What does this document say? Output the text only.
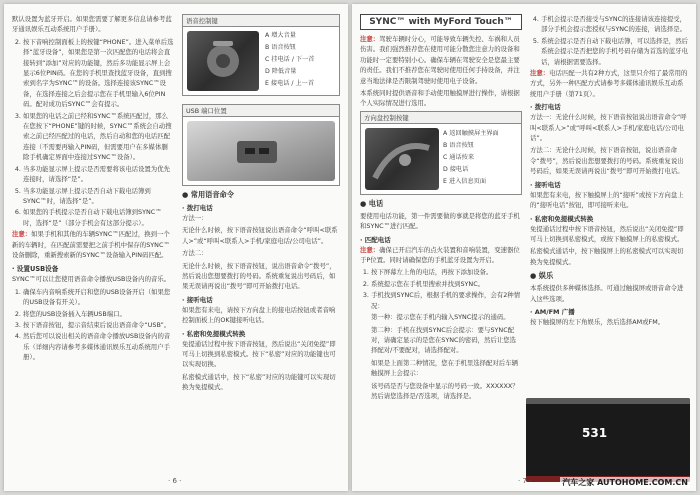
默认设置为蓝牙开启。如果您需要了解更多信息请参考蓝牙通讯娱乐互动系统用户手册）。

2. 按下音响控制面板上的按键“PHONE”。进入菜单后选择“蓝牙设备”，如果您是第一次匹配您的电话将会直接转到“添加”对应的功能键，然后多功能显示屏上会显示6位PIN码。在您的手机里查找蓝牙设备，直到搜索到名字为SYNC™的设备。选择连接该SYNC™设备，在选择连接之后会提示您在手机里输入6位PIN码。配对成功后SYNC™会有提示。
3. 如果您的电话之前已经和SYNC™系统匹配过，那么在您按下“PHONE”键的时候，SYNC™系统会自动搜索之前已经匹配过的电话，然后自动和您的电话匹配连接（不需要再输入PIN码，但需要用户在多媒体删除手机确定界面中连接过SYNC™设备）。
4. 当多功能显示屏上提示是否需要将该电话设置为优先连接时，请选择“是”。
5. 当多功能显示屏上提示是否自动下载电话簿到SYNC™时，请选择“是”。
6. 如果您的手机提示是否自动下载电话簿到SYNC™时，选择“是”（部分手机会有这部分提示）。

注意：如果手机和其他的车辆SYNC™匹配过，换到一个新的车辆时，在匹配前需要把之前手机中保存的SYNC™设备删除，重新搜索新的SYNC™设备输入PIN码匹配。

· 设置USB设备

SYNC™可以让您使用语音命令播放USB设备内的音乐。

1. 确保车内音响系统开启和您的USB设备开启（如果您的USB设备有开关）。
2. 将您的USB设备插入车辆USB端口。
3. 按下语音按钮，提示音结束后说出语音命令“USB”。
4. 然后您可以说出相关的语音命令播放USB设备内的音乐（详细内容请参考多媒体通讯娱乐互动系统用户手册）。
语音控制键
A 增大音量
B 语音按钮
C 挂电话 / 下一首
D 降低音量
E 接电话 / 上一首
USB 端口位置
● 常用语音命令
· 拨打电话

方法一：

无论什么时候，按下语音按钮说出语音命令“呼叫<联系人>”或“呼叫<联系人>手机/家庭电话/公司电话”。

方法二：

无论什么时候，按下语音按钮，说出语音命令“拨号”，然后说出您想要拨打的号码。系统重复说出号码后，如果无误请再说出“拨号”即可开始拨打电话。

· 接听电话

如果您有来电，请按下方向盘上的接电话按钮或者音响控制面板上的OK键接听电话。

· 私密和免提模式转换

免提通话过程中按下语音按钮，然后说出“关闭免提”即可马上切换到私密模式。按下“私密”对应的功能键也可以实现切换。

私密模式通话中，按下“私密”对应的功能键可以实现切换为免提模式。

· 6 ·
SYNC™ with MyFord Touch™

注意：驾驶车辆时分心，可能导致车辆失控、车祸和人员伤害。我们强烈推荐您在使用可能分散您注意力的设备和功能时一定要特别小心。确保车辆在驾驶安全是您最主要的责任。我们不推荐您在驾驶时使用任何手持设备，并注意当地法律是否限制驾驶时使用电子设备。

本系统同时提供语音和手动使用触摸屏进行操作，请根据个人实际情况进行选用。

方向盘控制按键
A 返回触摸屏主界面
B 语音按钮
C 通话按来
D 接电话
E 进入信息页面
● 电话

要使用电话功能，第一件需要做的事就是将您的蓝牙手机和SYNC™进行匹配。

· 匹配电话

注意：确保已开启汽车的点火装置和音响装置，变速器位于P位置。同时请确保您的手机蓝牙设置为开启。

1. 按下屏幕左上角的电话，再按下添加设备。
2. 系统提示您在手机里搜索并找到SYNC。
3. 手机找到SYNC后，根据手机的要求操作，会有2种情况：

第一种：提示您在手机内输入SYNC提示的通码。

第二种：手机在找到SYNC后会提示：要与SYNC配对，请确定显示的是您在SYNC的密码，然后让您选择配对/不要配对，请选择配对。

如果是上面第二种情况，您在手机里选择配对后车辆触摸屏上会提示：

该号码是否与您设备中显示的号码一致。XXXXXX？然后请您选择是/否选项，请选择是。

4. 手机会提示是否接受与SYNC的连接请该连接提受，部分手机会提示您授权与SYNC的连接，请选择是。
5. 系统会提示是否自动下载电话簿，可以选择是，然后系统会提示是否把您的手机号码存储为首选的蓝牙电话，请根据需要选择。

注意：电话匹配一共有2种方式，这里只介绍了最常用的方式，另外一种匹配方式请参考多媒体通讯娱乐互动系统用户手册（第71页）。

· 拨打电话

方法一：无论什么时候，按下语音按钮说出语音命令“呼叫<联系人>”或“呼叫<联系人>手机/家庭电话/公司电话”。

方法二：无论什么时候，按下语音按钮，说出语音命令“拨号”，然后说出您想要拨打的号码。系统重复说出号码后，如果无误请再说出“拨号”即可开始拨打电话。

· 接听电话

如果您有来电，按下触摸屏上的“接听”或按下方向盘上的“接听电话”按钮，即可接听来电。

· 私密和免提模式转换

免提通话过程中按下语音按钮，然后说出“关闭免提”即可马上切换到私密模式，或按下触摸屏上的私密模式。

私密模式通话中，按下触摸屏上的私密模式可以实现切换为免提模式。

● 娱乐

本系统提供多种媒体选择。可通过触摸屏或语音命令进入这些选项。

· AM/FM 广播

按下触摸屏的左下角娱乐，然后选择AM或FM。

531
· 7 ·	汽车之家 AUTOHOME.COM.CN
